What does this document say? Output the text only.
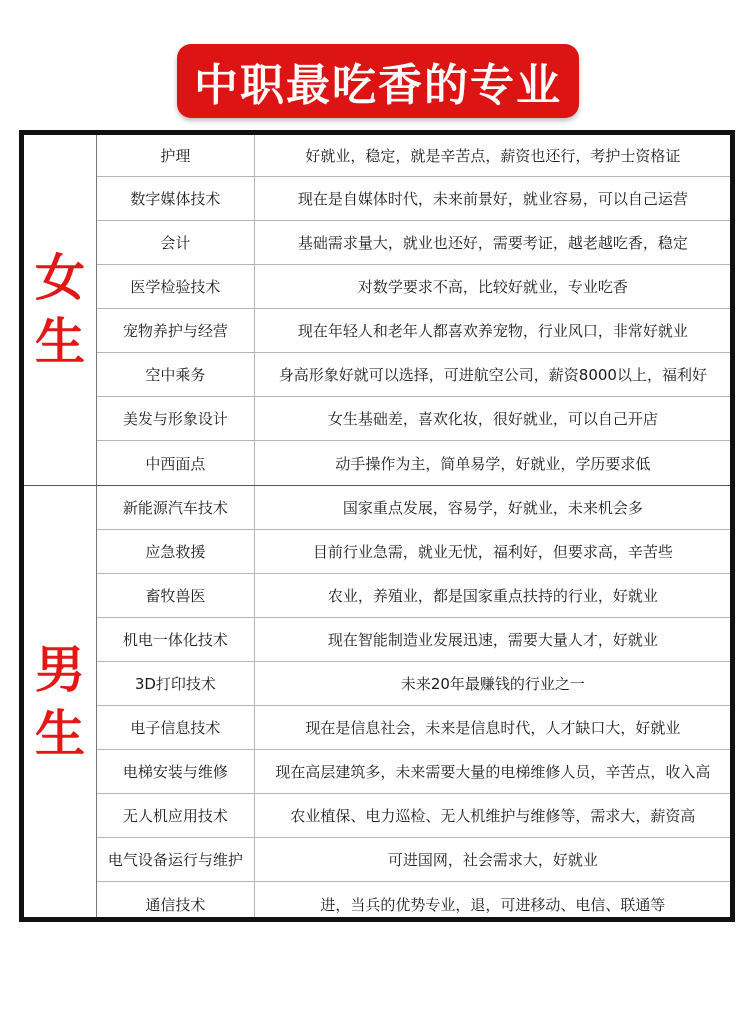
中职最吃香的专业
女
生
护理	好就业，稳定，就是辛苦点，薪资也还行，考护士资格证
数字媒体技术	现在是自媒体时代，未来前景好，就业容易，可以自己运营
会计	基础需求量大，就业也还好，需要考证，越老越吃香，稳定
医学检验技术	对数学要求不高，比较好就业，专业吃香
宠物养护与经营	现在年轻人和老年人都喜欢养宠物，行业风口，非常好就业
空中乘务	身高形象好就可以选择，可进航空公司，薪资8000以上，福利好
美发与形象设计	女生基础差，喜欢化妆，很好就业，可以自己开店
中西面点	动手操作为主，简单易学，好就业，学历要求低
男
生
新能源汽车技术	国家重点发展，容易学，好就业，未来机会多
应急救援	目前行业急需，就业无忧，福利好，但要求高，辛苦些
畜牧兽医	农业，养殖业，都是国家重点扶持的行业，好就业
机电一体化技术	现在智能制造业发展迅速，需要大量人才，好就业
3D打印技术	未来20年最赚钱的行业之一
电子信息技术	现在是信息社会，未来是信息时代，人才缺口大，好就业
电梯安装与维修	现在高层建筑多，未来需要大量的电梯维修人员，辛苦点，收入高
无人机应用技术	农业植保、电力巡检、无人机维护与维修等，需求大，薪资高
电气设备运行与维护	可进国网，社会需求大，好就业
通信技术	进，当兵的优势专业，退，可进移动、电信、联通等
